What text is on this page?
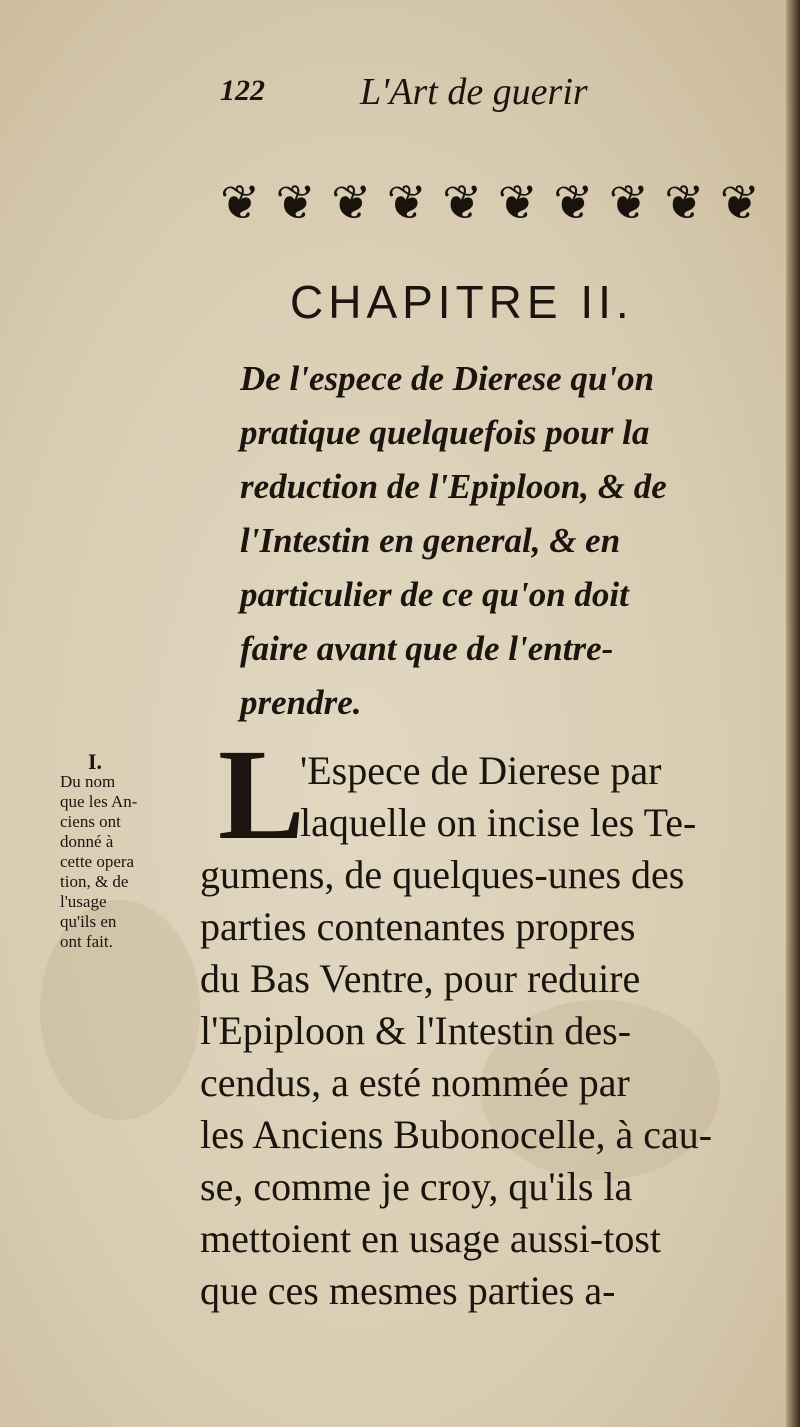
122	L'Art de guerir
❦ ❦ ❦ ❦ ❦ ❦ ❦ ❦ ❦ ❦
CHAPITRE II.
De l'espece de Dierese qu'on
pratique quelquefois pour la
reduction de l'Epiploon, & de
l'Intestin en general, & en
particulier de ce qu'on doit
faire avant que de l'entre-
prendre.
I.
Du nom
que les An-
ciens ont
donné à
cette opera
tion, & de
l'usage
qu'ils en
ont fait.
L
'Espece de Dierese par
laquelle on incise les Te-
gumens, de quelques-unes des
parties contenantes propres
du Bas Ventre, pour reduire
l'Epiploon & l'Intestin des-
cendus, a esté nommée par
les Anciens Bubonocelle, à cau-
se, comme je croy, qu'ils la
mettoient en usage aussi-tost
que ces mesmes parties a-
